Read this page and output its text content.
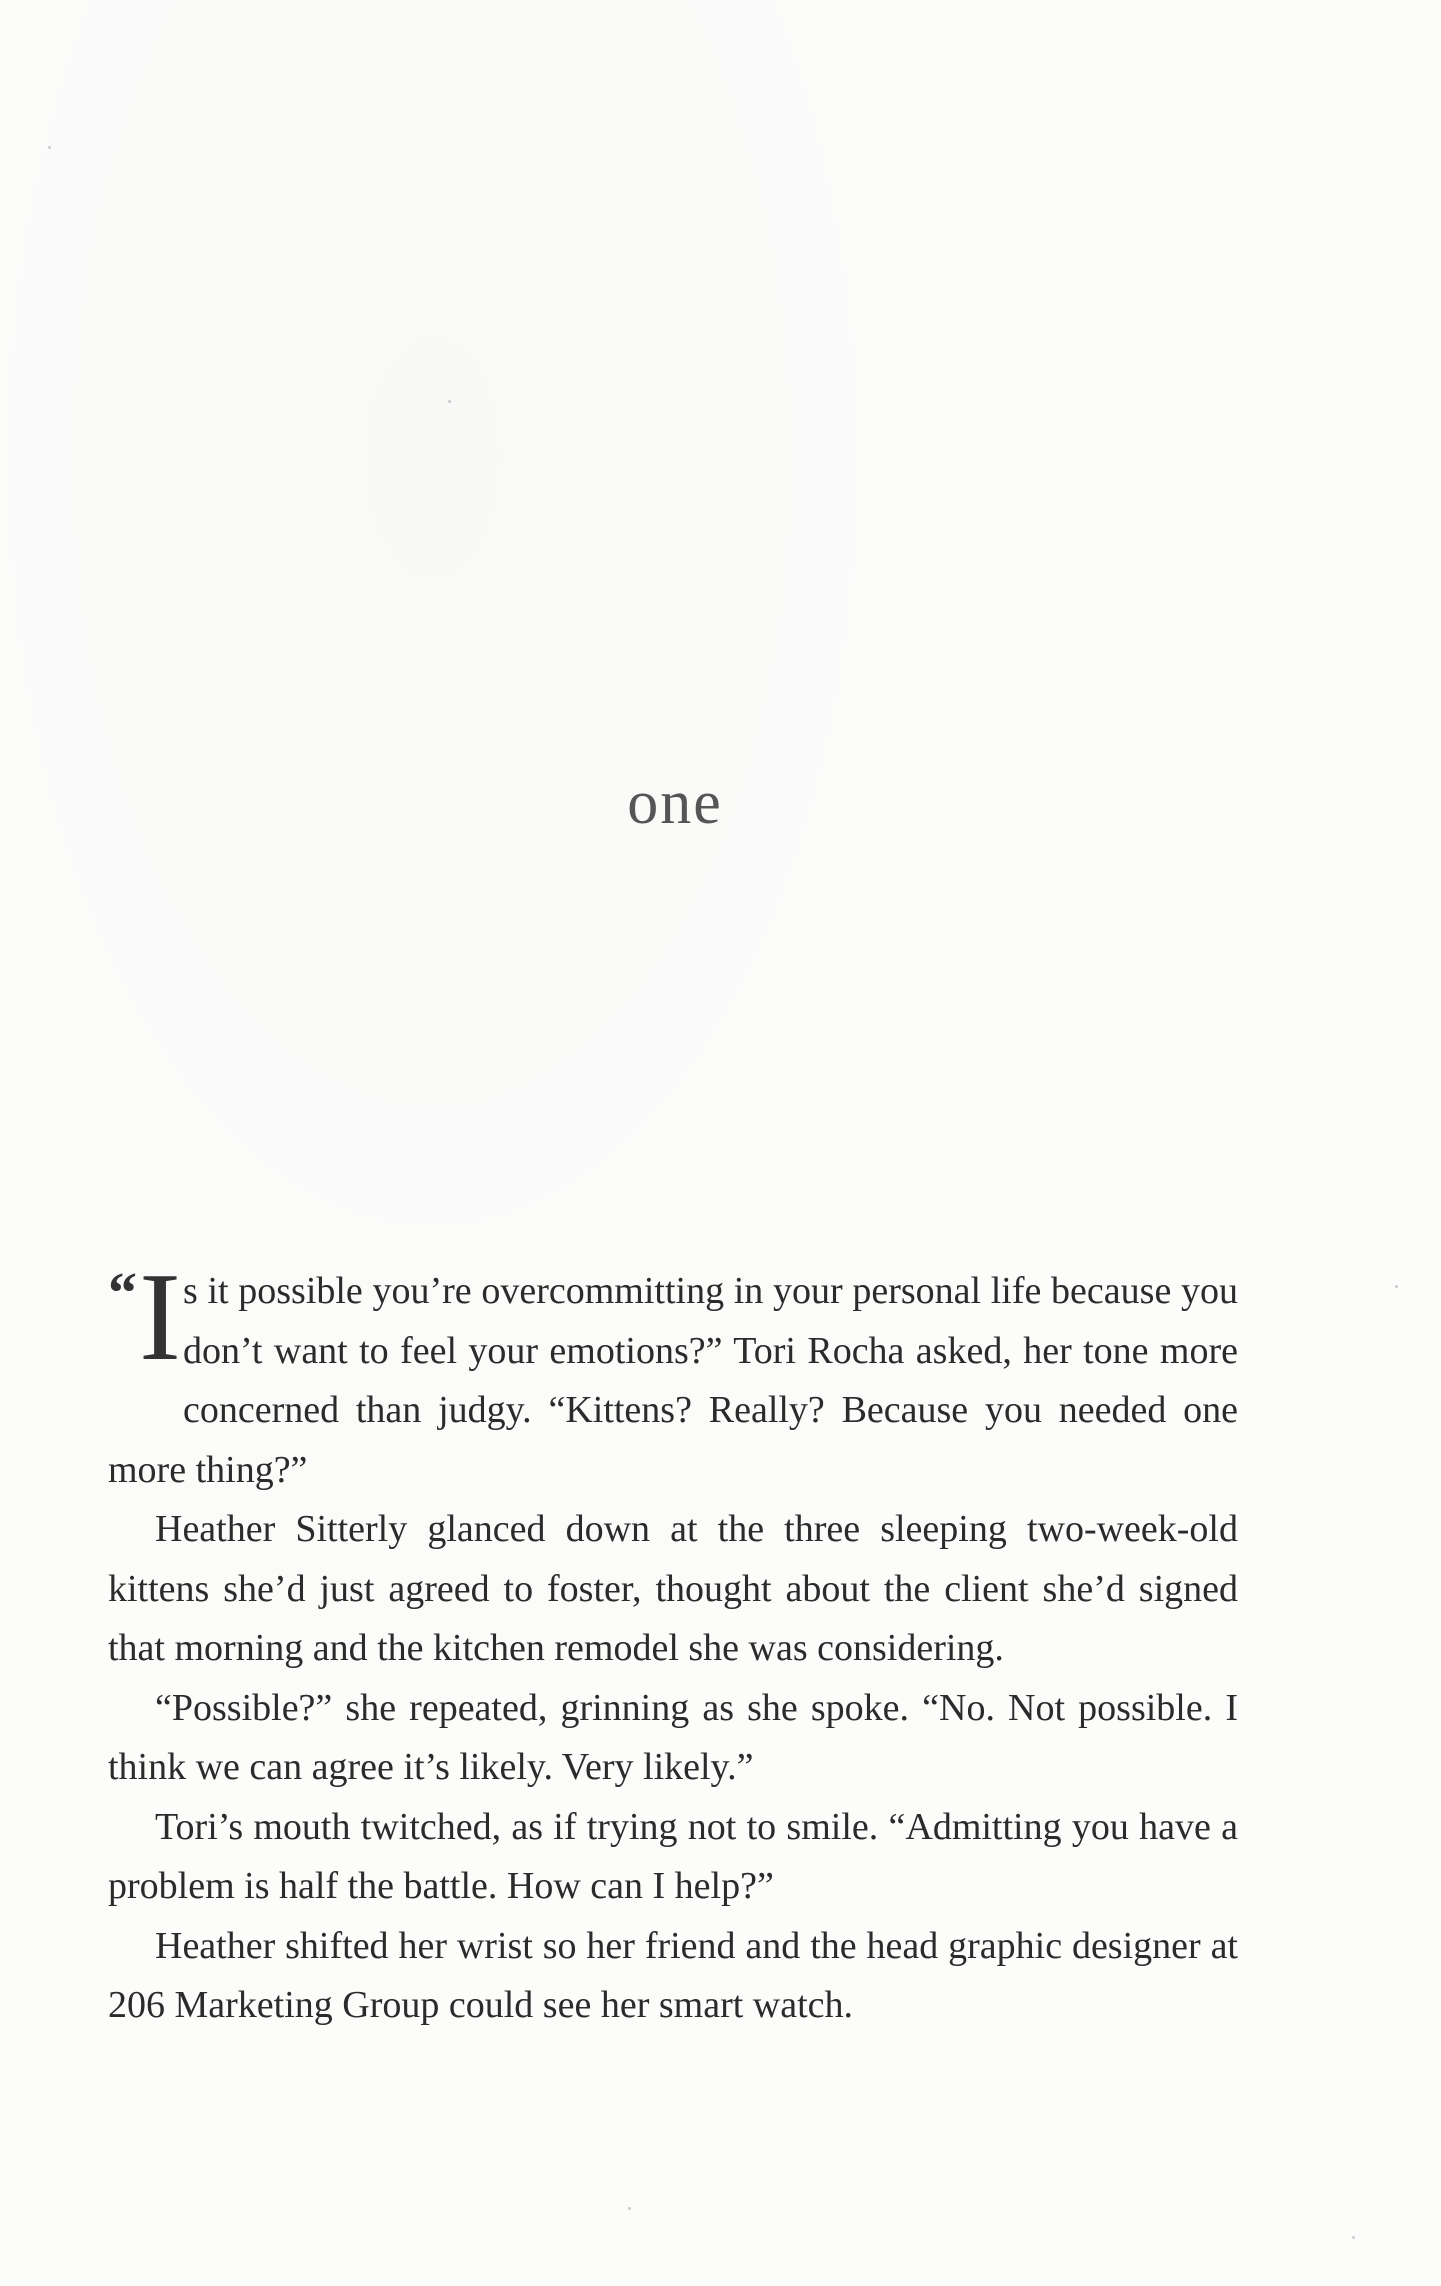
one

“ I s it possible you’re overcommitting in your personal life because you don’t want to feel your emotions?” Tori Rocha asked, her tone more concerned than judgy. “Kittens? Really? Because you needed one more thing?”

Heather Sitterly glanced down at the three sleeping two-week-old kittens she’d just agreed to foster, thought about the client she’d signed that morning and the kitchen remodel she was considering.

“Possible?” she repeated, grinning as she spoke. “No. Not possible. I think we can agree it’s likely. Very likely.”

Tori’s mouth twitched, as if trying not to smile. “Admitting you have a problem is half the battle. How can I help?”

Heather shifted her wrist so her friend and the head graphic designer at 206 Marketing Group could see her smart watch.
